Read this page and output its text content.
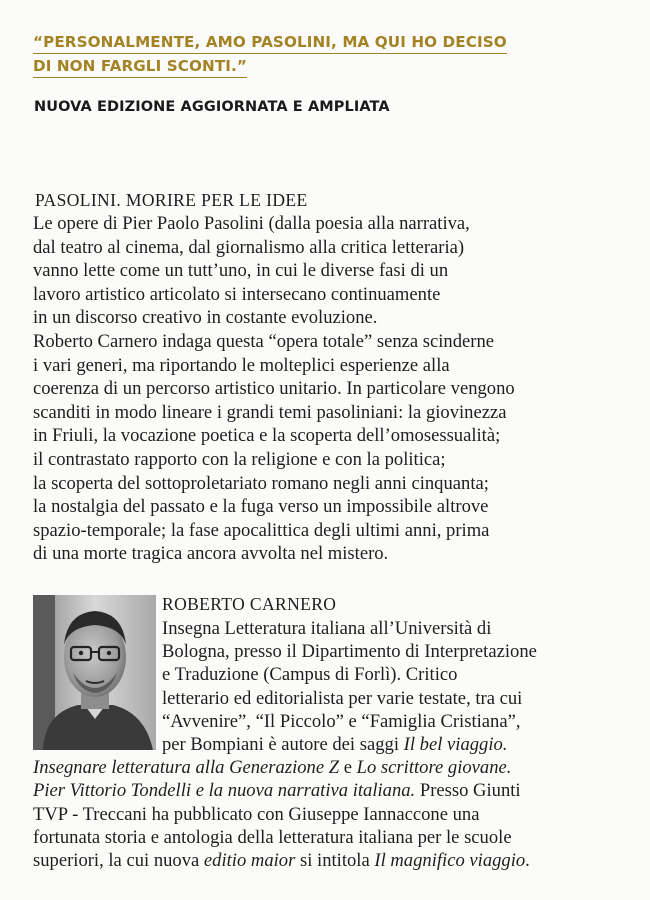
“PERSONALMENTE, AMO PASOLINI, MA QUI HO DECISO
DI NON FARGLI SCONTI.”
NUOVA EDIZIONE AGGIORNATA E AMPLIATA
PASOLINI. MORIRE PER LE IDEE
Le opere di Pier Paolo Pasolini (dalla poesia alla narrativa,
dal teatro al cinema, dal giornalismo alla critica letteraria)
vanno lette come un tutt’uno, in cui le diverse fasi di un
lavoro artistico articolato si intersecano continuamente
in un discorso creativo in costante evoluzione.
Roberto Carnero indaga questa “opera totale” senza scinderne
i vari generi, ma riportando le molteplici esperienze alla
coerenza di un percorso artistico unitario. In particolare vengono
scanditi in modo lineare i grandi temi pasoliniani: la giovinezza
in Friuli, la vocazione poetica e la scoperta dell’omosessualità;
il contrastato rapporto con la religione e con la politica;
la scoperta del sottoproletariato romano negli anni cinquanta;
la nostalgia del passato e la fuga verso un impossibile altrove
spazio-temporale; la fase apocalittica degli ultimi anni, prima
di una morte tragica ancora avvolta nel mistero.
ROBERTO CARNERO
Insegna Letteratura italiana all’Università di
Bologna, presso il Dipartimento di Interpretazione
e Traduzione (Campus di Forlì). Critico
letterario ed editorialista per varie testate, tra cui
“Avvenire”, “Il Piccolo” e “Famiglia Cristiana”,
per Bompiani è autore dei saggi Il bel viaggio.
Insegnare letteratura alla Generazione Z e Lo scrittore giovane.
Pier Vittorio Tondelli e la nuova narrativa italiana. Presso Giunti
TVP - Treccani ha pubblicato con Giuseppe Iannaccone una
fortunata storia e antologia della letteratura italiana per le scuole
superiori, la cui nuova editio maior si intitola Il magnifico viaggio.
